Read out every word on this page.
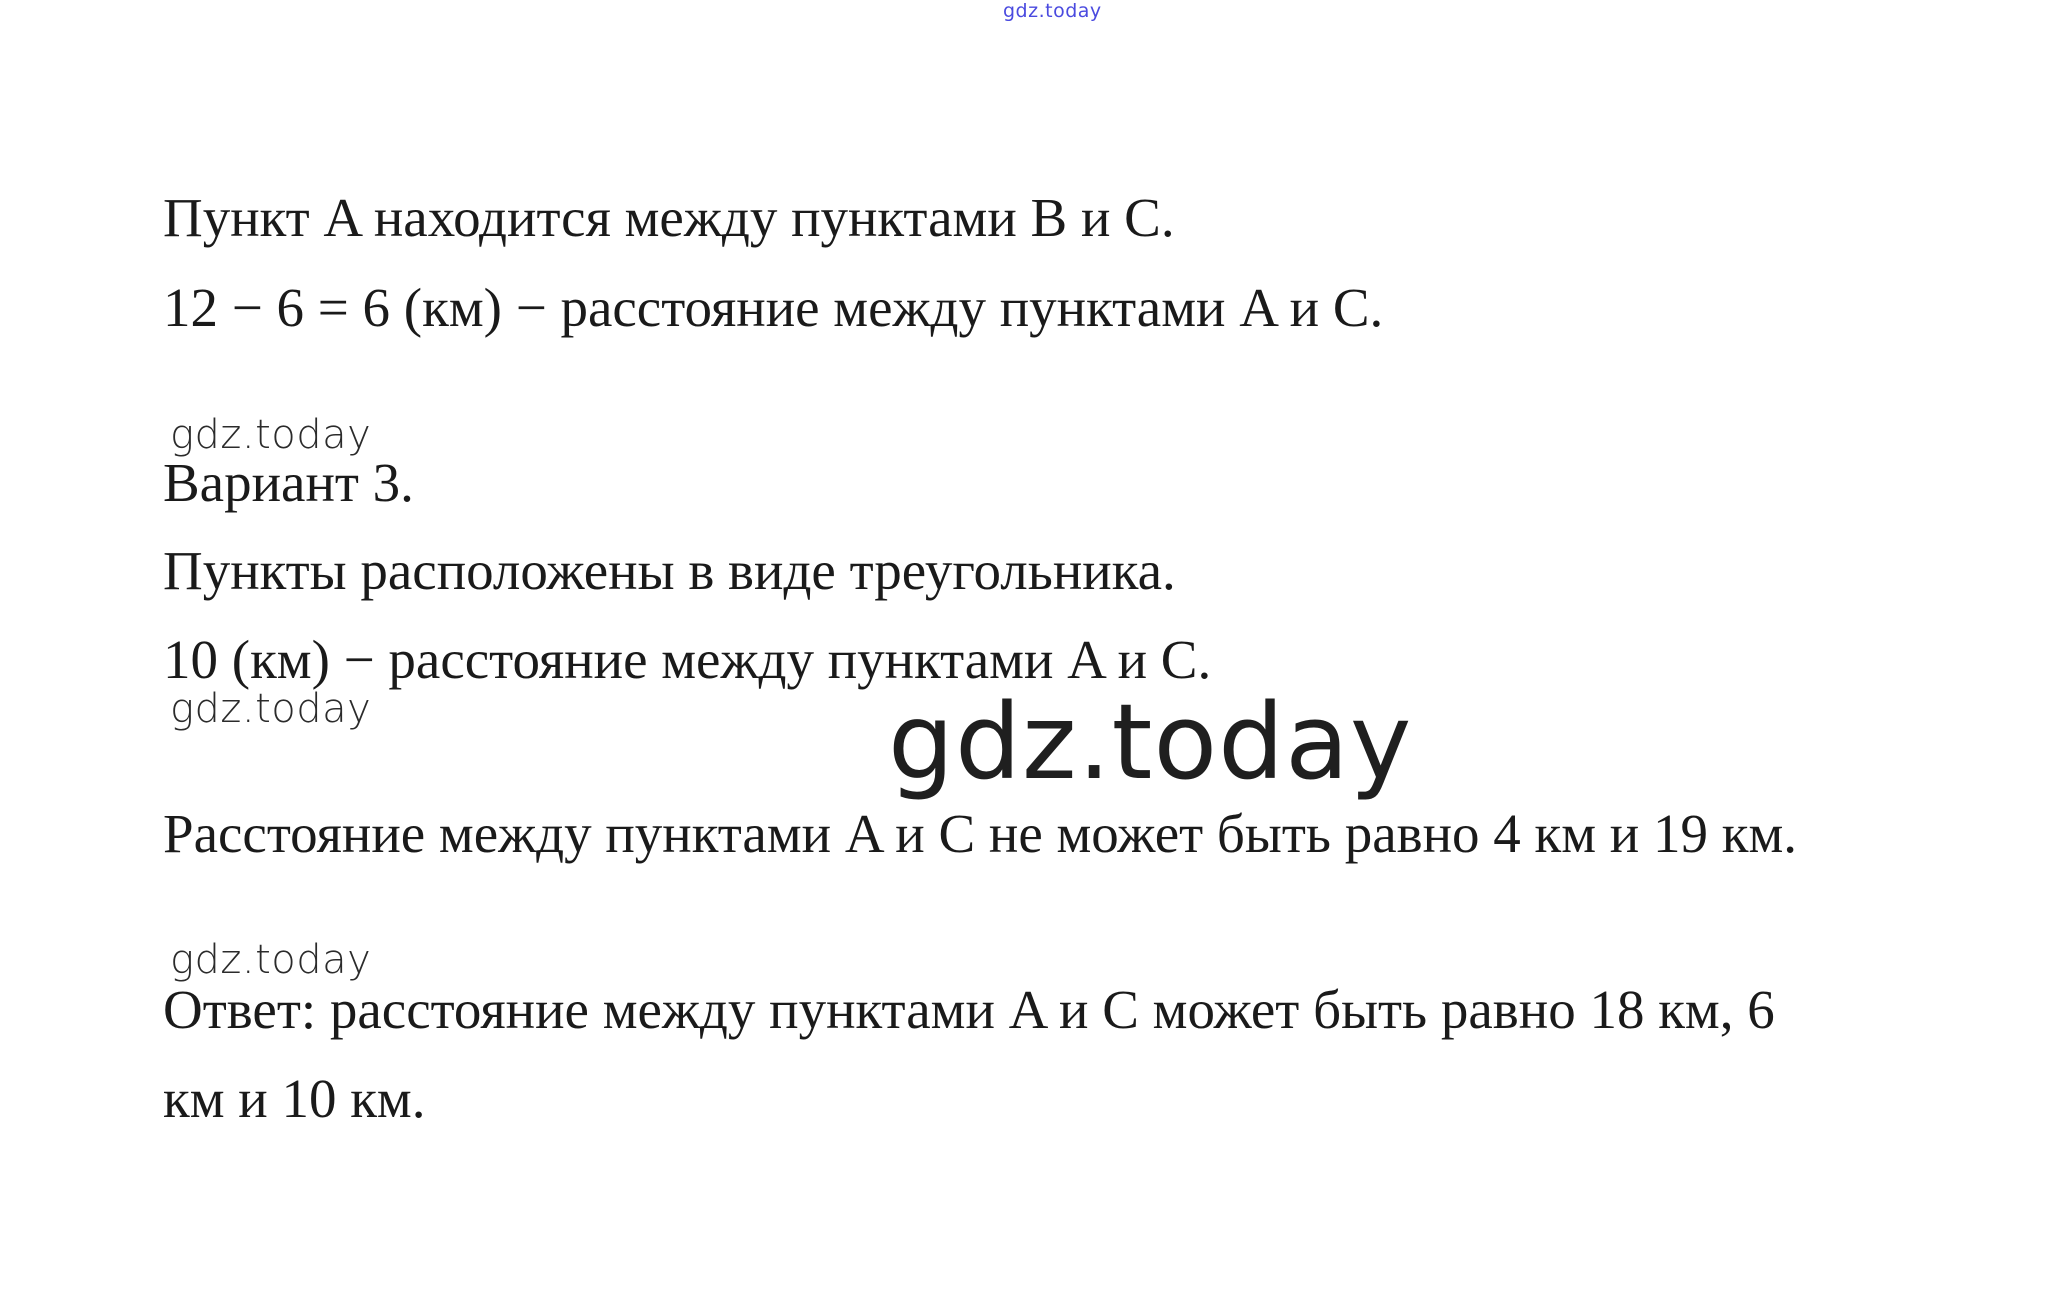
gdz.today
Пункт A находится между пунктами B и C.
12 − 6 = 6 (км) − расстояние между пунктами A и C.
gdz.today
Вариант 3.
Пункты расположены в виде треугольника.
10 (км) − расстояние между пунктами A и C.
gdz.today	gdz.today
Расстояние между пунктами A и C не может быть равно 4 км и 19 км.
gdz.today
Ответ: расстояние между пунктами A и C может быть равно 18 км, 6
км и 10 км.
